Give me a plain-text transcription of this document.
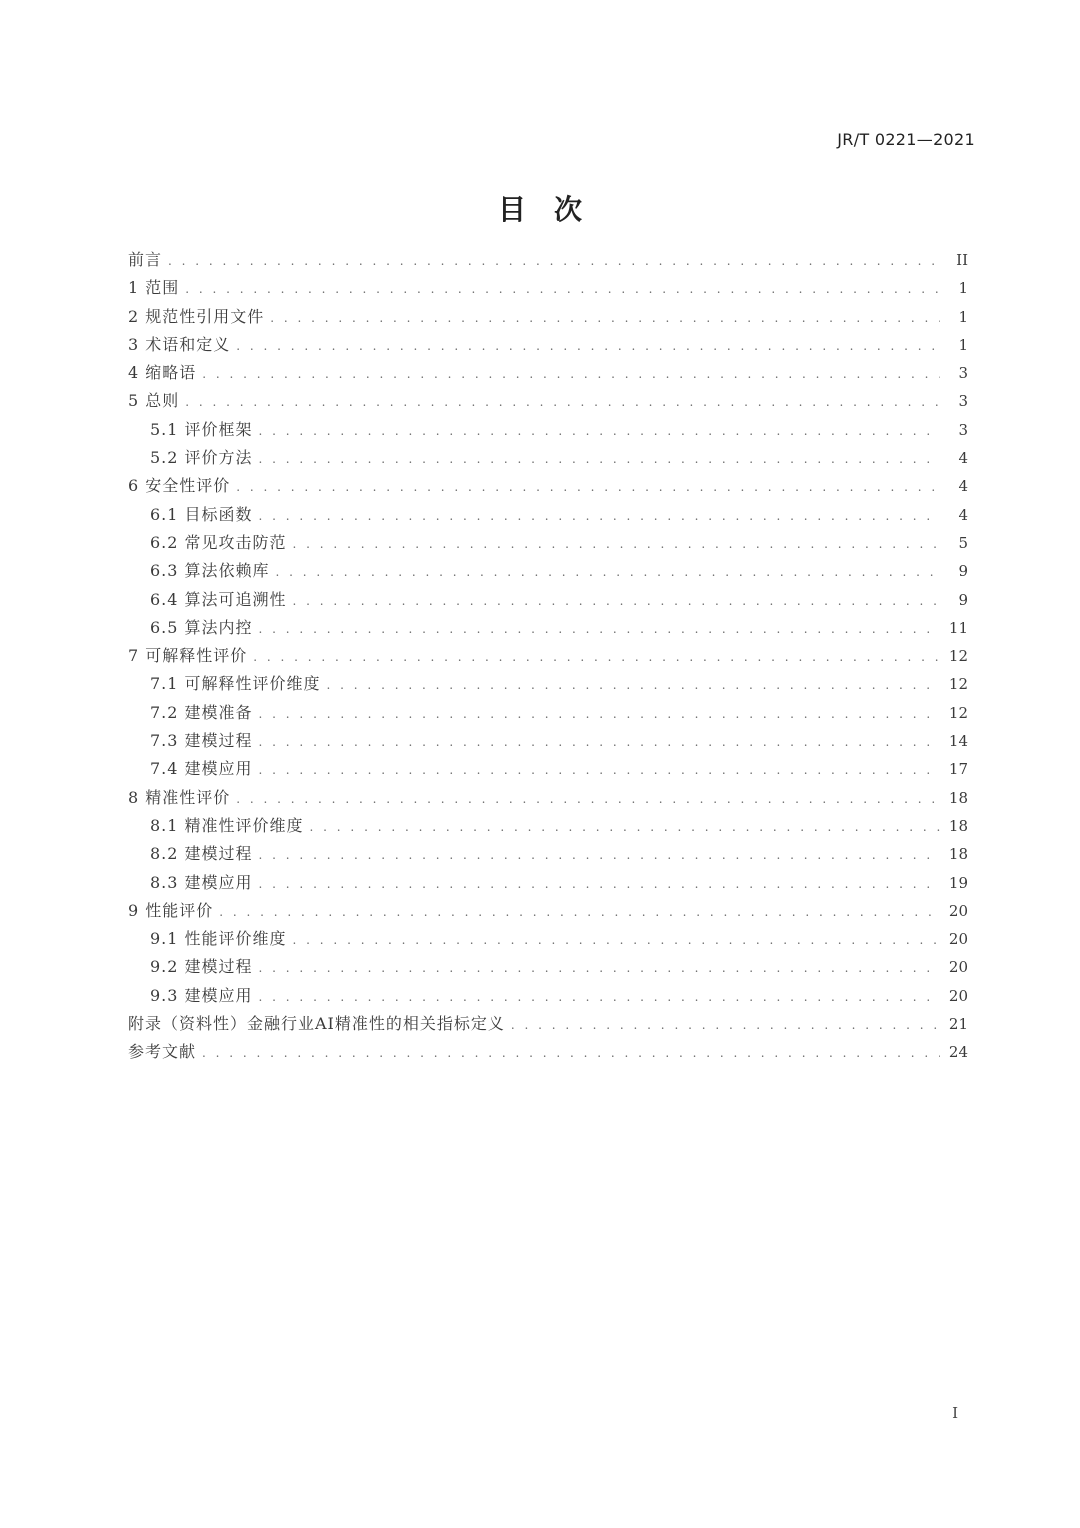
JR/T 0221—2021
目次
前言 . . .	II
1 范围 . . .	1
2 规范性引用文件 . . .	1
3 术语和定义 . . .	1
4 缩略语 . . .	3
5 总则 . . .	3
5.1 评价框架 . . .	3
5.2 评价方法 . . .	4
6 安全性评价 . . .	4
6.1 目标函数 . . .	4
6.2 常见攻击防范 . . .	5
6.3 算法依赖库 . . .	9
6.4 算法可追溯性 . . .	9
6.5 算法内控 . . .	11
7 可解释性评价 . . .	12
7.1 可解释性评价维度 . . .	12
7.2 建模准备 . . .	12
7.3 建模过程 . . .	14
7.4 建模应用 . . .	17
8 精准性评价 . . .	18
8.1 精准性评价维度 . . .	18
8.2 建模过程 . . .	18
8.3 建模应用 . . .	19
9 性能评价 . . .	20
9.1 性能评价维度 . . .	20
9.2 建模过程 . . .	20
9.3 建模应用 . . .	20
附录（资料性）金融行业AI精准性的相关指标定义 . . .	21
参考文献 . . .	24
I
